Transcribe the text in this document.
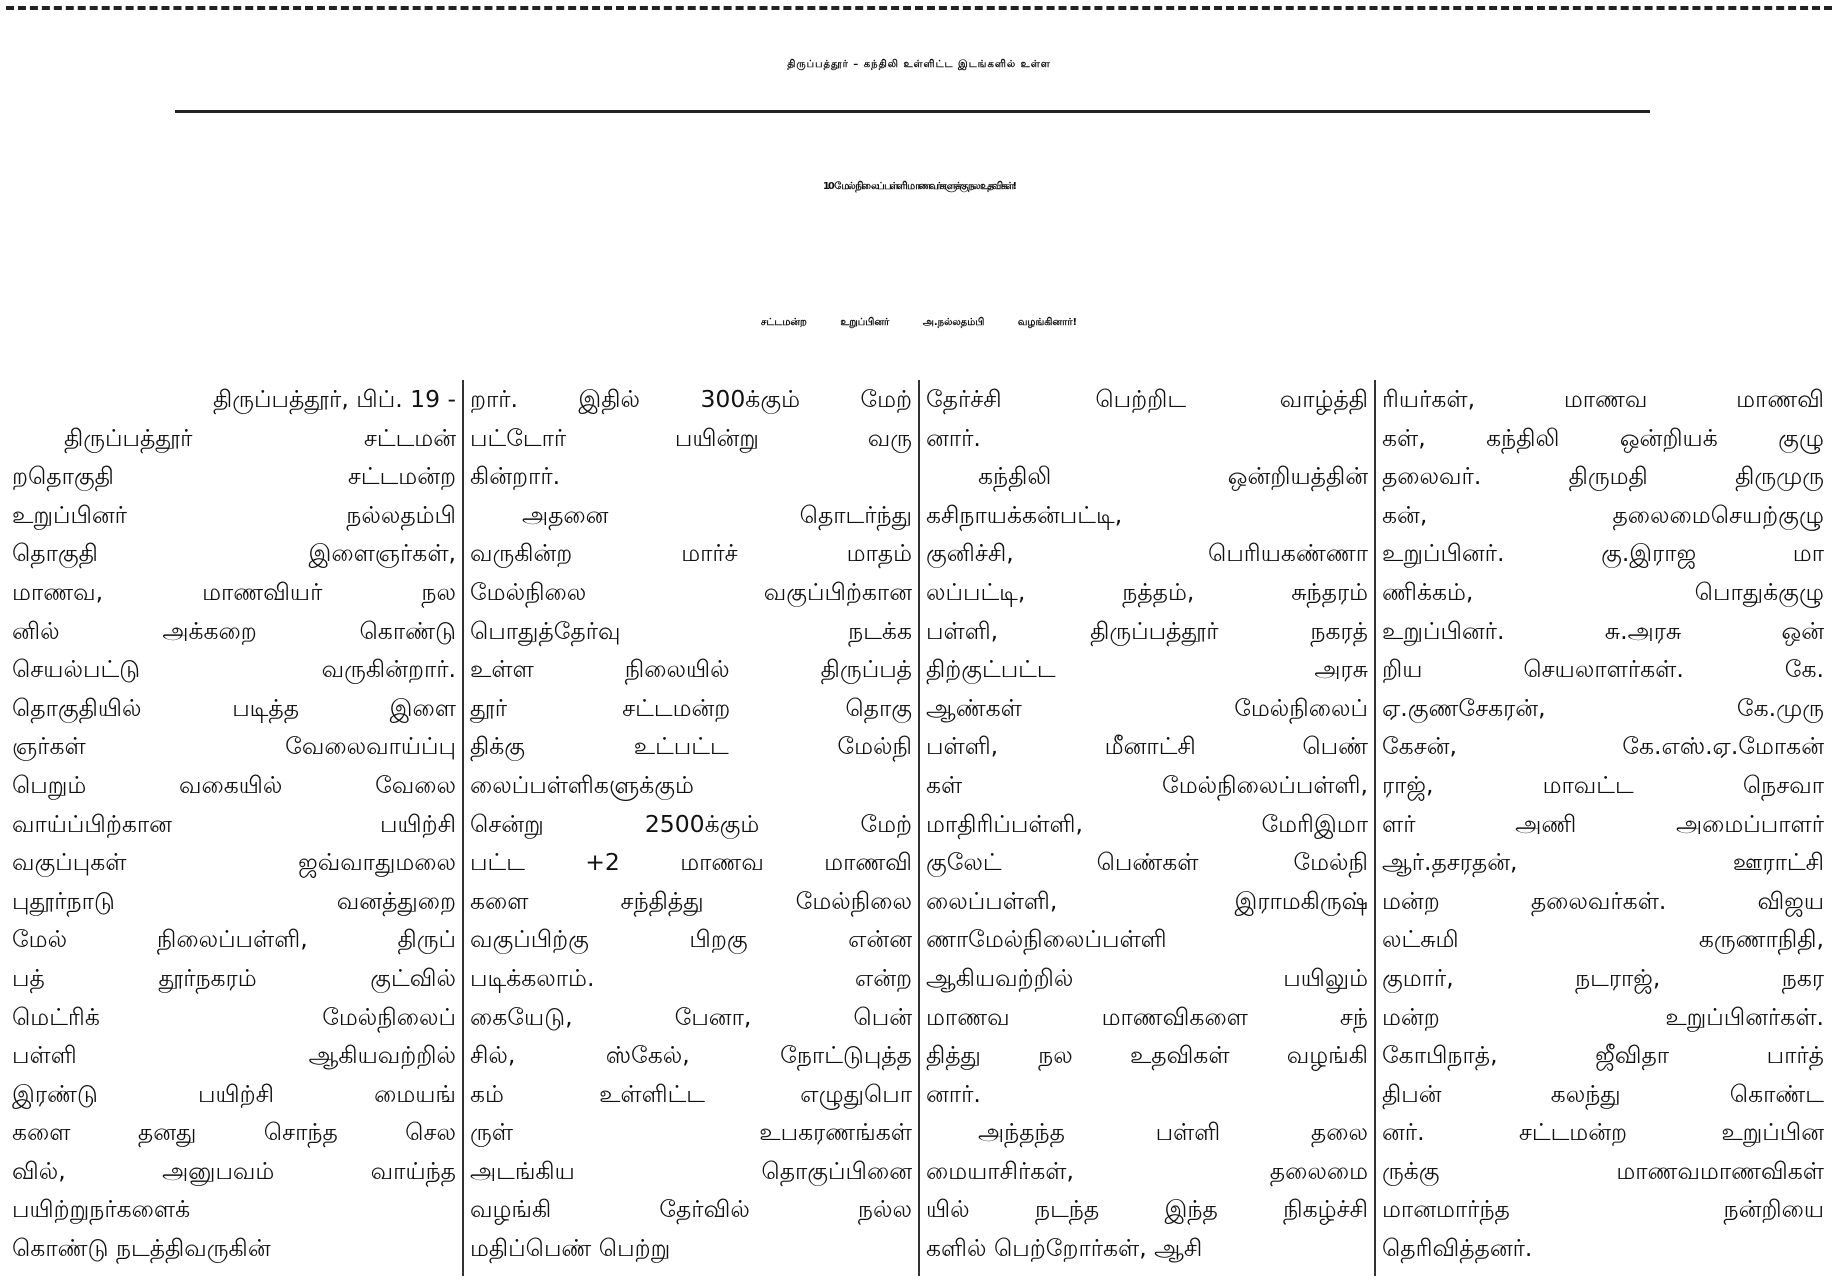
திருப்பத்தூர் – கந்திலி உள்ளிட்ட இடங்களில் உள்ள
10 மேல் நிலைப் பள்ளி மாணவர்களுக்கு நல உதவிகள்!
சட்டமன்ற உறுப்பினர் அ.நல்லதம்பி வழங்கினார்!
திருப்பத்தூர், பிப். 19 -
திருப்பத்தூர் சட்டமன்
றதொகுதி சட்டமன்ற
உறுப்பினர் நல்லதம்பி
தொகுதி இளைஞர்கள்,
மாணவ, மாணவியர் நல
னில் அக்கறை கொண்டு
செயல்பட்டு வருகின்றார்.
தொகுதியில் படித்த இளை
ஞர்கள் வேலைவாய்ப்பு
பெறும் வகையில் வேலை
வாய்ப்பிற்கான பயிற்சி
வகுப்புகள் ஜவ்வாதுமலை
புதூர்நாடு வனத்துறை
மேல் நிலைப்பள்ளி, திருப்
பத் தூர்நகரம் குட்வில்
மெட்ரிக் மேல்நிலைப்
பள்ளி ஆகியவற்றில்
இரண்டு பயிற்சி மையங்
களை தனது சொந்த செல
வில், அனுபவம் வாய்ந்த
பயிற்றுநர்களைக்
கொண்டு நடத்திவருகின்
றார். இதில் 300க்கும் மேற்
பட்டோர் பயின்று வரு
கின்றார்.
அதனை தொடர்ந்து
வருகின்ற மார்ச் மாதம்
மேல்நிலை வகுப்பிற்கான
பொதுத்தேர்வு நடக்க
உள்ள நிலையில் திருப்பத்
தூர் சட்டமன்ற தொகு
திக்கு உட்பட்ட மேல்நி
லைப்பள்ளிகளுக்கும்
சென்று 2500க்கும் மேற்
பட்ட +2 மாணவ மாணவி
களை சந்தித்து மேல்நிலை
வகுப்பிற்கு பிறகு என்ன
படிக்கலாம். என்ற
கையேடு, பேனா, பென்
சில், ஸ்கேல், நோட்டுபுத்த
கம் உள்ளிட்ட எழுதுபொ
ருள் உபகரணங்கள்
அடங்கிய தொகுப்பினை
வழங்கி தேர்வில் நல்ல
மதிப்பெண் பெற்று
தேர்ச்சி பெற்றிட வாழ்த்தி
னார்.
கந்திலி ஒன்றியத்தின்
கசிநாயக்கன்பட்டி,
குனிச்சி, பெரியகண்ணா
லப்பட்டி, நத்தம், சுந்தரம்
பள்ளி, திருப்பத்தூர் நகரத்
திற்குட்பட்ட அரசு
ஆண்கள் மேல்நிலைப்
பள்ளி, மீனாட்சி பெண்
கள் மேல்நிலைப்பள்ளி,
மாதிரிப்பள்ளி, மேரிஇமா
குலேட் பெண்கள் மேல்நி
லைப்பள்ளி, இராமகிருஷ்
ணாமேல்நிலைப்பள்ளி
ஆகியவற்றில் பயிலும்
மாணவ மாணவிகளை சந்
தித்து நல உதவிகள் வழங்கி
னார்.
அந்தந்த பள்ளி தலை
மையாசிர்கள், தலைமை
யில் நடந்த இந்த நிகழ்ச்சி
களில் பெற்றோர்கள், ஆசி
ரியர்கள், மாணவ மாணவி
கள், கந்திலி ஒன்றியக் குழு
தலைவர். திருமதி திருமுரு
கன், தலைமைசெயற்குழு
உறுப்பினர். கு.இராஜ மா
ணிக்கம், பொதுக்குழு
உறுப்பினர். சு.அரசு ஒன்
றிய செயலாளர்கள். கே.
ஏ.குணசேகரன், கே.முரு
கேசன், கே.எஸ்.ஏ.மோகன்
ராஜ், மாவட்ட நெசவா
ளர் அணி அமைப்பாளர்
ஆர்.தசரதன், ஊராட்சி
மன்ற தலைவர்கள். விஜய
லட்சுமி கருணாநிதி,
குமார், நடராஜ், நகர
மன்ற உறுப்பினர்கள்.
கோபிநாத், ஜீவிதா பார்த்
திபன் கலந்து கொண்ட
னர். சட்டமன்ற உறுப்பின
ருக்கு மாணவமாணவிகள்
மானமார்ந்த நன்றியை
தெரிவித்தனர்.
